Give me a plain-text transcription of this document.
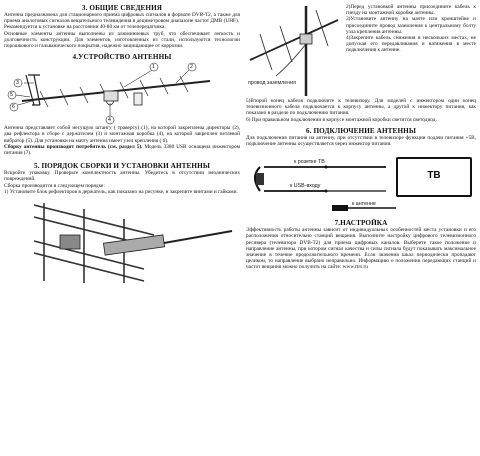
3. ОБЩИЕ СВЕДЕНИЯ

Антенна предназначена для стационарного приема цифровых сигналов в формате DVB-T2, а также для приема аналоговых сигналов вещательного телевидения в дециметровом диапазоне частот ДМВ (UHF).

Рекомендуется к установке на расстоянии 40-80 км от телепередатчика.

Основные элементы антенны выполнены из алюминиевых труб, что обеспечивает легкость и долговечность конструкции. Для элементов, изготовленных из стали, используются технологии порошкового и гальванического покрытия, надежно защищающие от коррозии.

4.УСТРОЙСТВО АНТЕННЫ
1	2
3
4
5
6

Антенна представляет собой несущую штангу ( траверсу) (1), на которой закреплены директоры (2), два рефлектора в сборе с держателем (3) и монтажная коробка (4), на которой закреплен петлевой вибратор (5). Для установки на мачту антенна имеет узел крепления ( 6).

Сборку антенны производит потребитель (см. раздел 5). Модель 3380 USB оснащена инжектором питания (7).

5. ПОРЯДОК СБОРКИ И УСТАНОВКИ АНТЕННЫ

Вскройте упаковку. Проверьте комплектность антенны. Убедитесь в отсутствии механических повреждений.

Сборка производится в следующем порядке:

1) Установите блок рефлекторов в держатель, как показано на рисунке, и закрепите винтами и гайками.

провод заземления
2)Перед установкой антенны присоедините кабель к гнезду на монтажной коробке антенны.
3)Установите антенну на мачте или кронштейне и присоедините провод заземления к центральному болту узла крепления антенны.
4)Закрепите кабель снижения в нескольких местах, не допуская его передавливания и натяжения в месте подключения к антенне.

5)Второй конец кабеля подключите к телевизору. Для моделей с инжектором один конец телевизионного кабеля подключается к корпусу антенны, а другой к инжектору питания, как показано в разделе по подключению питания.

6) При правильном подключении в корпусе монтажной коробки светится светодиод.

6. ПОДКЛЮЧЕНИЕ АНТЕННЫ

Для подключения питания на антенну, при отсутствии в телевизоре функции подачи питания +5В, подключение антенны осуществляется через инжектор питания.

к розетке ТВ
к USB-входу
к антенне
ТВ
7.НАСТРОЙКА

Эффективность работы антенны зависит от индивидуальных особенностей места установки и его расположения относительно станций вещания. Выполните настройку цифрового телевизионного ресивера (телевизора DVB-T2) для приема цифровых каналов. Выберите такое положение и направление антенны, при котором сигнал качества и силы сигнала будут показывать максимальное значение в течение продолжительного времени. Если значения шкал периодически пропадают целиком, то направление выбрано неправильно. Информацию о положении передающих станций и частот вещания можно получить на сайте: www.rtrs.ru
